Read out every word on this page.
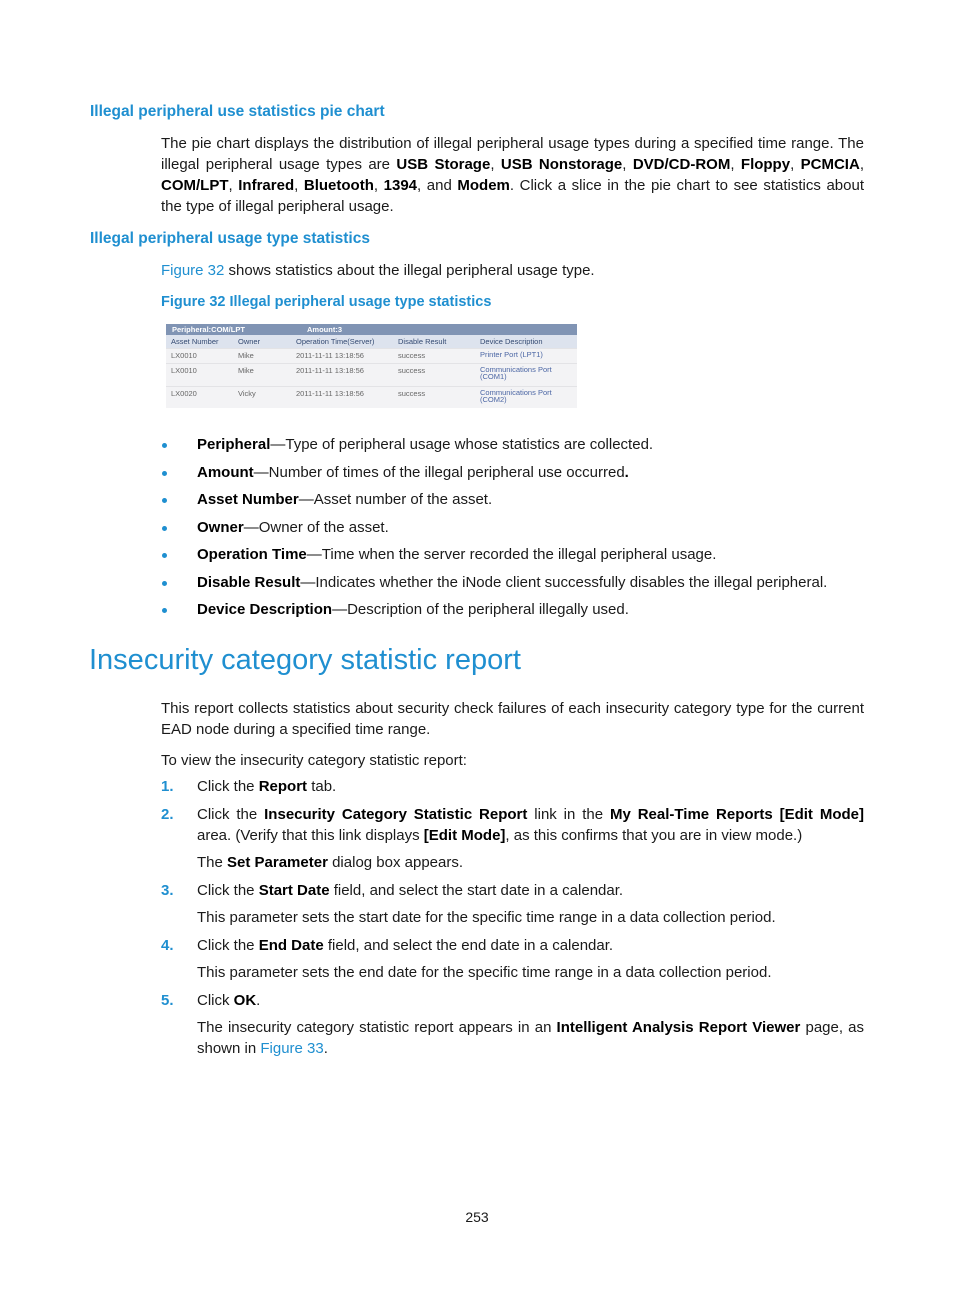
Illegal peripheral use statistics pie chart

The pie chart displays the distribution of illegal peripheral usage types during a specified time range. The illegal peripheral usage types are USB Storage, USB Nonstorage, DVD/CD-ROM, Floppy, PCMCIA, COM/LPT, Infrared, Bluetooth, 1394, and Modem. Click a slice in the pie chart to see statistics about the type of illegal peripheral usage.

Illegal peripheral usage type statistics

Figure 32 shows statistics about the illegal peripheral usage type.

Figure 32 Illegal peripheral usage type statistics

Peripheral:COM/LPT	Amount:3
Asset Number	Owner	Operation Time(Server)	Disable Result	Device Description
LX0010	Mike	2011-11-11 13:18:56	success	Printer Port (LPT1)
LX0010	Mike	2011-11-11 13:18:56	success	Communications Port (COM1)
LX0020	Vicky	2011-11-11 13:18:56	success	Communications Port (COM2)
Peripheral—Type of peripheral usage whose statistics are collected.
Amount—Number of times of the illegal peripheral use occurred.
Asset Number—Asset number of the asset.
Owner—Owner of the asset.
Operation Time—Time when the server recorded the illegal peripheral usage.
Disable Result—Indicates whether the iNode client successfully disables the illegal peripheral.
Device Description—Description of the peripheral illegally used.
Insecurity category statistic report

This report collects statistics about security check failures of each insecurity category type for the current EAD node during a specified time range.

To view the insecurity category statistic report:

1. Click the Report tab.

2. Click the Insecurity Category Statistic Report link in the My Real-Time Reports [Edit Mode] area. (Verify that this link displays [Edit Mode], as this confirms that you are in view mode.)

The Set Parameter dialog box appears.

3. Click the Start Date field, and select the start date in a calendar.

This parameter sets the start date for the specific time range in a data collection period.

4. Click the End Date field, and select the end date in a calendar.

This parameter sets the end date for the specific time range in a data collection period.

5. Click OK.

The insecurity category statistic report appears in an Intelligent Analysis Report Viewer page, as shown in Figure 33.

253
